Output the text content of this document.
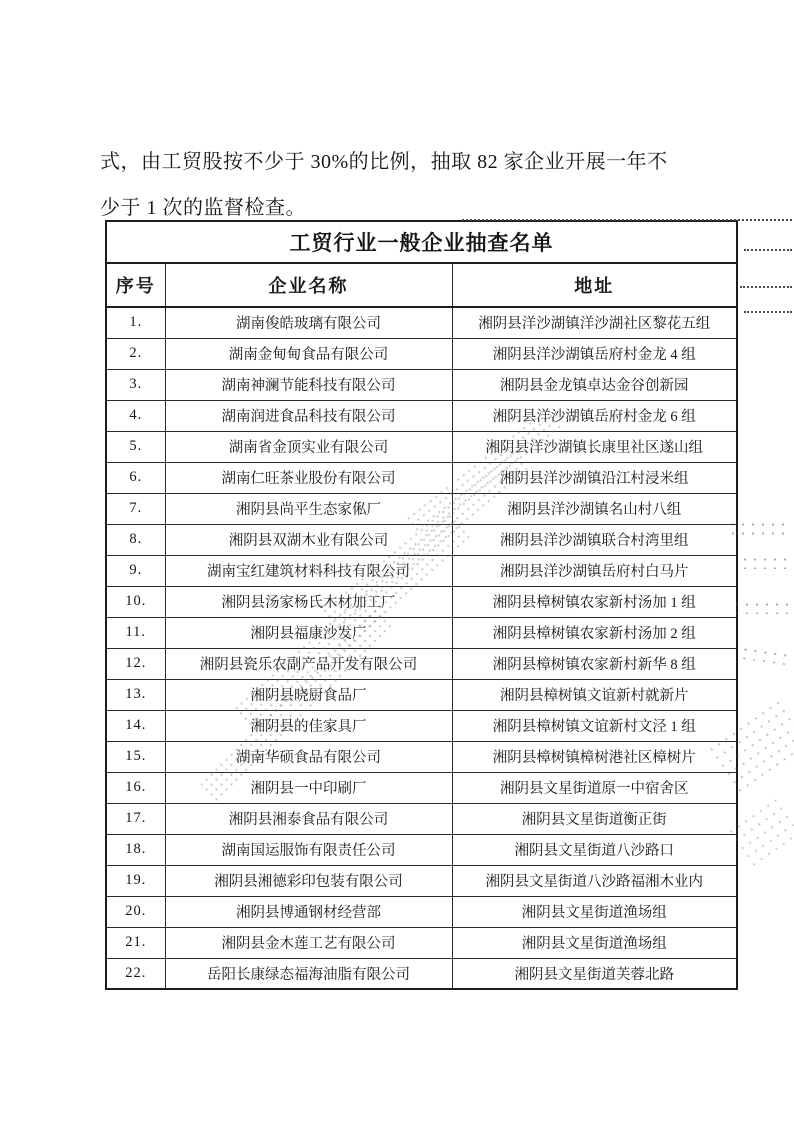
式，由工贸股按不少于 30%的比例，抽取 82 家企业开展一年不
少于 1 次的监督检查。
工贸行业一般企业抽查名单		
序号	企业名称	地址
1.	湖南俊皓玻璃有限公司	湘阴县洋沙湖镇洋沙湖社区黎花五组
2.	湖南金甸甸食品有限公司	湘阴县洋沙湖镇岳府村金龙 4 组
3.	湖南神澜节能科技有限公司	湘阴县金龙镇卓达金谷创新园
4.	湖南润进食品科技有限公司	湘阴县洋沙湖镇岳府村金龙 6 组
5.	湖南省金顶实业有限公司	湘阴县洋沙湖镇长康里社区遂山组
6.	湖南仁旺茶业股份有限公司	湘阴县洋沙湖镇沿江村浸米组
7.	湘阴县尚平生态家俬厂	湘阴县洋沙湖镇名山村八组
8.	湘阴县双湖木业有限公司	湘阴县洋沙湖镇联合村湾里组
9.	湖南宝红建筑材料科技有限公司	湘阴县洋沙湖镇岳府村白马片
10.	湘阴县汤家杨氏木材加工厂	湘阴县樟树镇农家新村汤加 1 组
11.	湘阴县福康沙发厂	湘阴县樟树镇农家新村汤加 2 组
12.	湘阴县瓷乐农副产品开发有限公司	湘阴县樟树镇农家新村新华 8 组
13.	湘阴县晓厨食品厂	湘阴县樟树镇文谊新村就新片
14.	湘阴县的佳家具厂	湘阴县樟树镇文谊新村文泾 1 组
15.	湖南华硕食品有限公司	湘阴县樟树镇樟树港社区樟树片
16.	湘阴县一中印刷厂	湘阴县文星街道原一中宿舍区
17.	湘阴县湘泰食品有限公司	湘阴县文星街道衡正街
18.	湖南国运服饰有限责任公司	湘阴县文星街道八沙路口
19.	湘阴县湘德彩印包装有限公司	湘阴县文星街道八沙路福湘木业内
20.	湘阴县博通钢材经营部	湘阴县文星街道渔场组
21.	湘阴县金木莲工艺有限公司	湘阴县文星街道渔场组
22.	岳阳长康绿态福海油脂有限公司	湘阴县文星街道芙蓉北路
